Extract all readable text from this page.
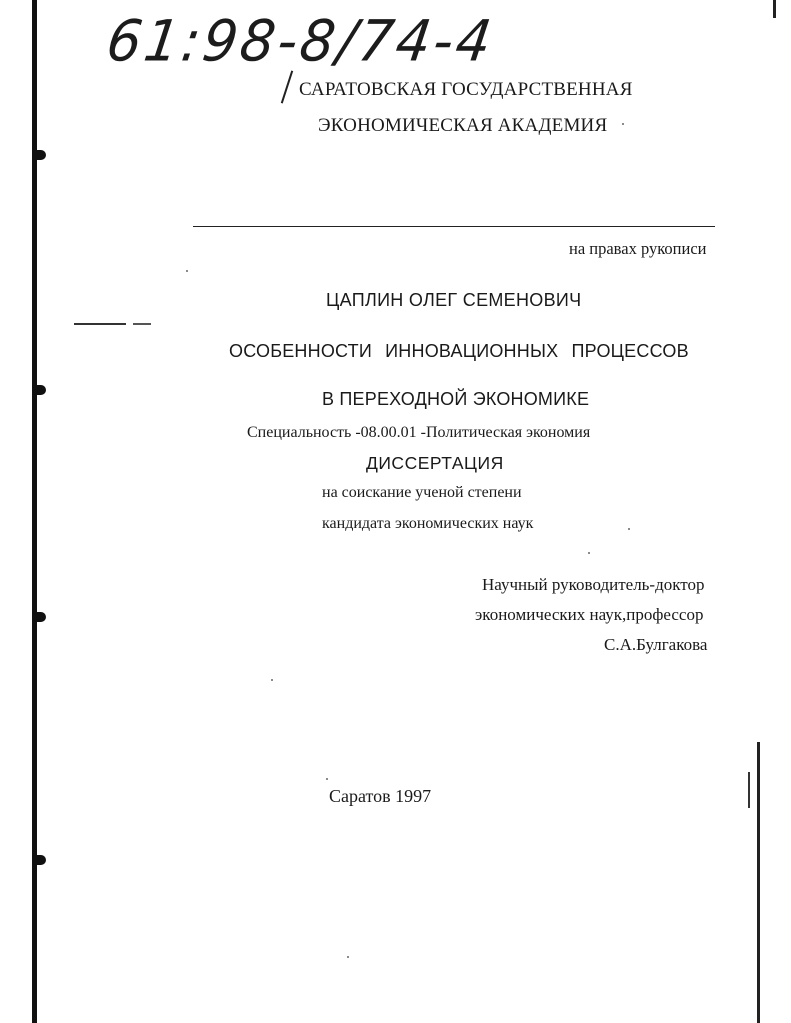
61:98-8/74-4
САРАТОВСКАЯ ГОСУДАРСТВЕННАЯ
ЭКОНОМИЧЕСКАЯ АКАДЕМИЯ
на правах рукописи
ЦАПЛИН ОЛЕГ СЕМЕНОВИЧ
ОСОБЕННОСТИ ИННОВАЦИОННЫХ ПРОЦЕССОВ
В ПЕРЕХОДНОЙ ЭКОНОМИКЕ
Специальность -08.00.01 -Политическая экономия
ДИССЕРТАЦИЯ
на соискание ученой степени
кандидата экономических наук
Научный руководитель-доктор
экономических наук,профессор
С.А.Булгакова
Саратов 1997
